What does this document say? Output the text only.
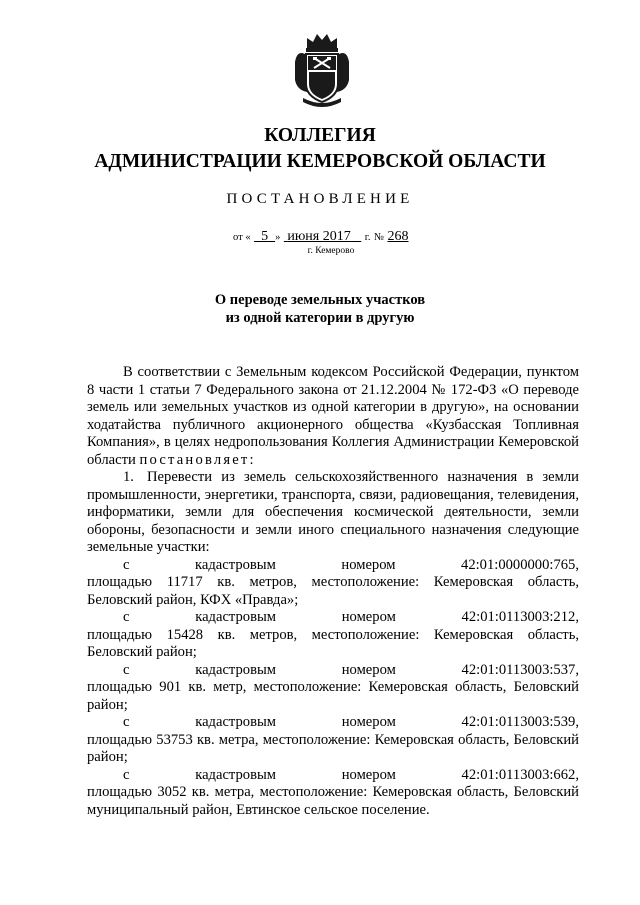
КОЛЛЕГИЯ
АДМИНИСТРАЦИИ КЕМЕРОВСКОЙ ОБЛАСТИ
ПОСТАНОВЛЕНИЕ
от « 5 » июня 2017 г. № 268
г. Кемерово
О переводе земельных участков
из одной категории в другую

В соответствии с Земельным кодексом Российской Федерации, пунктом 8 части 1 статьи 7 Федерального закона от 21.12.2004 № 172-ФЗ «О переводе земель или земельных участков из одной категории в другую», на основании ходатайства публичного акционерного общества «Кузбасская Топливная Компания», в целях недропользования Коллегия Администрации Кемеровской области постановляет:

1. Перевести из земель сельскохозяйственного назначения в земли промышленности, энергетики, транспорта, связи, радиовещания, телевидения, информатики, земли для обеспечения космической деятельности, земли обороны, безопасности и земли иного специального назначения следующие земельные участки:

с	кадастровым	номером	42:01:0000000:765,

площадью 11717 кв. метров, местоположение: Кемеровская область, Беловский район, КФХ «Правда»;

с	кадастровым	номером	42:01:0113003:212,

площадью 15428 кв. метров, местоположение: Кемеровская область, Беловский район;

с	кадастровым	номером	42:01:0113003:537,

площадью 901 кв. метр, местоположение: Кемеровская область, Беловский район;

с	кадастровым	номером	42:01:0113003:539,

площадью 53753 кв. метра, местоположение: Кемеровская область, Беловский район;

с	кадастровым	номером	42:01:0113003:662,

площадью 3052 кв. метра, местоположение: Кемеровская область, Беловский муниципальный район, Евтинское сельское поселение.
